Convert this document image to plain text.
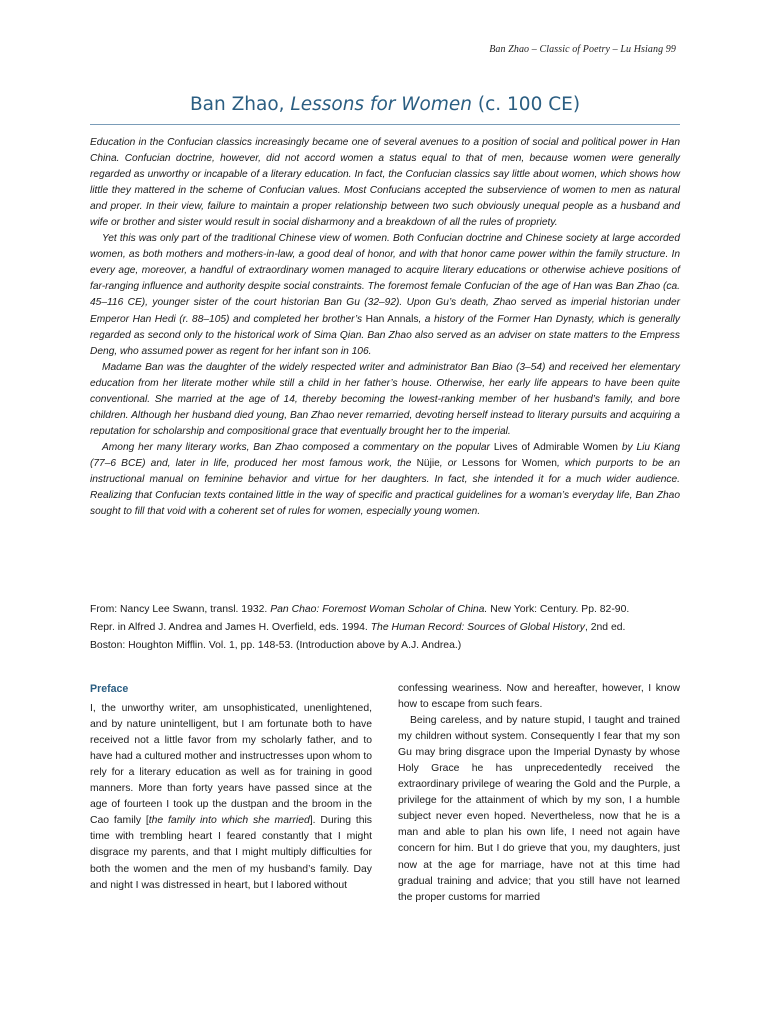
Ban Zhao – Classic of Poetry – Lu Hsiang 99
Ban Zhao, Lessons for Women (c. 100 CE)

Education in the Confucian classics increasingly became one of several avenues to a position of social and political power in Han China. Confucian doctrine, however, did not accord women a status equal to that of men, because women were generally regarded as unworthy or incapable of a literary education. In fact, the Confucian classics say little about women, which shows how little they mattered in the scheme of Confucian values. Most Confucians accepted the subservience of women to men as natural and proper. In their view, failure to maintain a proper relationship between two such obviously unequal people as a husband and wife or brother and sister would result in social disharmony and a breakdown of all the rules of propriety.

Yet this was only part of the traditional Chinese view of women. Both Confucian doctrine and Chinese society at large accorded women, as both mothers and mothers-in-law, a good deal of honor, and with that honor came power within the family structure. In every age, moreover, a handful of extraordinary women managed to acquire literary educations or otherwise achieve positions of far-ranging influence and authority despite social constraints. The foremost female Confucian of the age of Han was Ban Zhao (ca. 45–116 CE), younger sister of the court historian Ban Gu (32–92). Upon Gu’s death, Zhao served as imperial historian under Emperor Han Hedi (r. 88–105) and completed her brother’s Han Annals, a history of the Former Han Dynasty, which is generally regarded as second only to the historical work of Sima Qian. Ban Zhao also served as an adviser on state matters to the Empress Deng, who assumed power as regent for her infant son in 106.

Madame Ban was the daughter of the widely respected writer and administrator Ban Biao (3–54) and received her elementary education from her literate mother while still a child in her father’s house. Otherwise, her early life appears to have been quite conventional. She married at the age of 14, thereby becoming the lowest-ranking member of her husband’s family, and bore children. Although her husband died young, Ban Zhao never remarried, devoting herself instead to literary pursuits and acquiring a reputation for scholarship and compositional grace that eventually brought her to the imperial.

Among her many literary works, Ban Zhao composed a commentary on the popular Lives of Admirable Women by Liu Kiang (77–6 BCE) and, later in life, produced her most famous work, the Nüjie, or Lessons for Women, which purports to be an instructional manual on feminine behavior and virtue for her daughters. In fact, she intended it for a much wider audience. Realizing that Confucian texts contained little in the way of specific and practical guidelines for a woman’s everyday life, Ban Zhao sought to fill that void with a coherent set of rules for women, especially young women.

From: Nancy Lee Swann, transl. 1932. Pan Chao: Foremost Woman Scholar of China. New York: Century. Pp. 82-90.
Repr. in Alfred J. Andrea and James H. Overfield, eds. 1994. The Human Record: Sources of Global History, 2nd ed.
Boston: Houghton Mifflin. Vol. 1, pp. 148-53. (Introduction above by A.J. Andrea.)

Preface

I, the unworthy writer, am unsophisticated, unenlightened, and by nature unintelligent, but I am fortunate both to have received not a little favor from my scholarly father, and to have had a cultured mother and instructresses upon whom to rely for a literary education as well as for training in good manners. More than forty years have passed since at the age of fourteen I took up the dustpan and the broom in the Cao family [the family into which she married]. During this time with trembling heart I feared constantly that I might disgrace my parents, and that I might multiply difficulties for both the women and the men of my husband’s family. Day and night I was distressed in heart, but I labored without

confessing weariness. Now and hereafter, however, I know how to escape from such fears.

Being careless, and by nature stupid, I taught and trained my children without system. Consequently I fear that my son Gu may bring disgrace upon the Imperial Dynasty by whose Holy Grace he has unprecedentedly received the extraordinary privilege of wearing the Gold and the Purple, a privilege for the attainment of which by my son, I a humble subject never even hoped. Nevertheless, now that he is a man and able to plan his own life, I need not again have concern for him. But I do grieve that you, my daughters, just now at the age for marriage, have not at this time had gradual training and advice; that you still have not learned the proper customs for married
